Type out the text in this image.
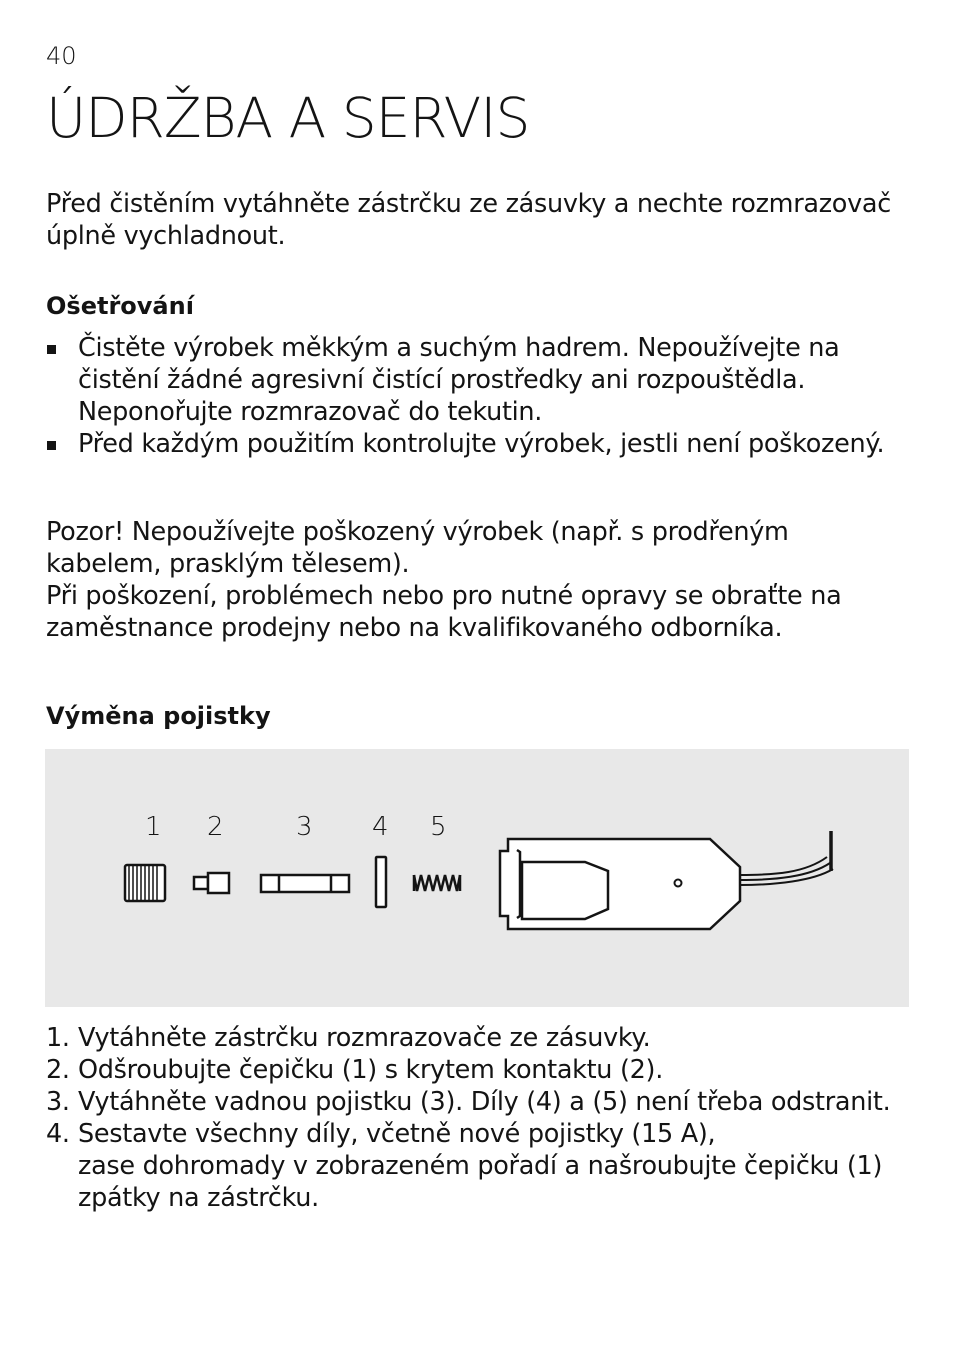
40
ÚDRŽBA A SERVIS

Před čistěním vytáhněte zástrčku ze zásuvky a nechte rozmrazovač

úplně vychladnout.

Ošetřování

Čistěte výrobek měkkým a suchým hadrem. Nepoužívejte na

čistění žádné agresivní čistící prostředky ani rozpouštědla.

Neponořujte rozmrazovač do tekutin.

Před každým použitím kontrolujte výrobek, jestli není poškozený.

Pozor! Nepoužívejte poškozený výrobek (např. s prodřeným

kabelem, prasklým tělesem).

Při poškození, problémech nebo pro nutné opravy se obraťte na

zaměstnance prodejny nebo na kvalifikovaného odborníka.

Výměna pojistky
1 2	3 4 5
1. Vytáhněte zástrčku rozmrazovače ze zásuvky.

2. Odšroubujte čepičku (1) s krytem kontaktu (2).

3. Vytáhněte vadnou pojistku (3). Díly (4) a (5) není třeba odstranit.

4. Sestavte všechny díly, včetně nové pojistky (15 A),

zase dohromady v zobrazeném pořadí a našroubujte čepičku (1)

zpátky na zástrčku.
